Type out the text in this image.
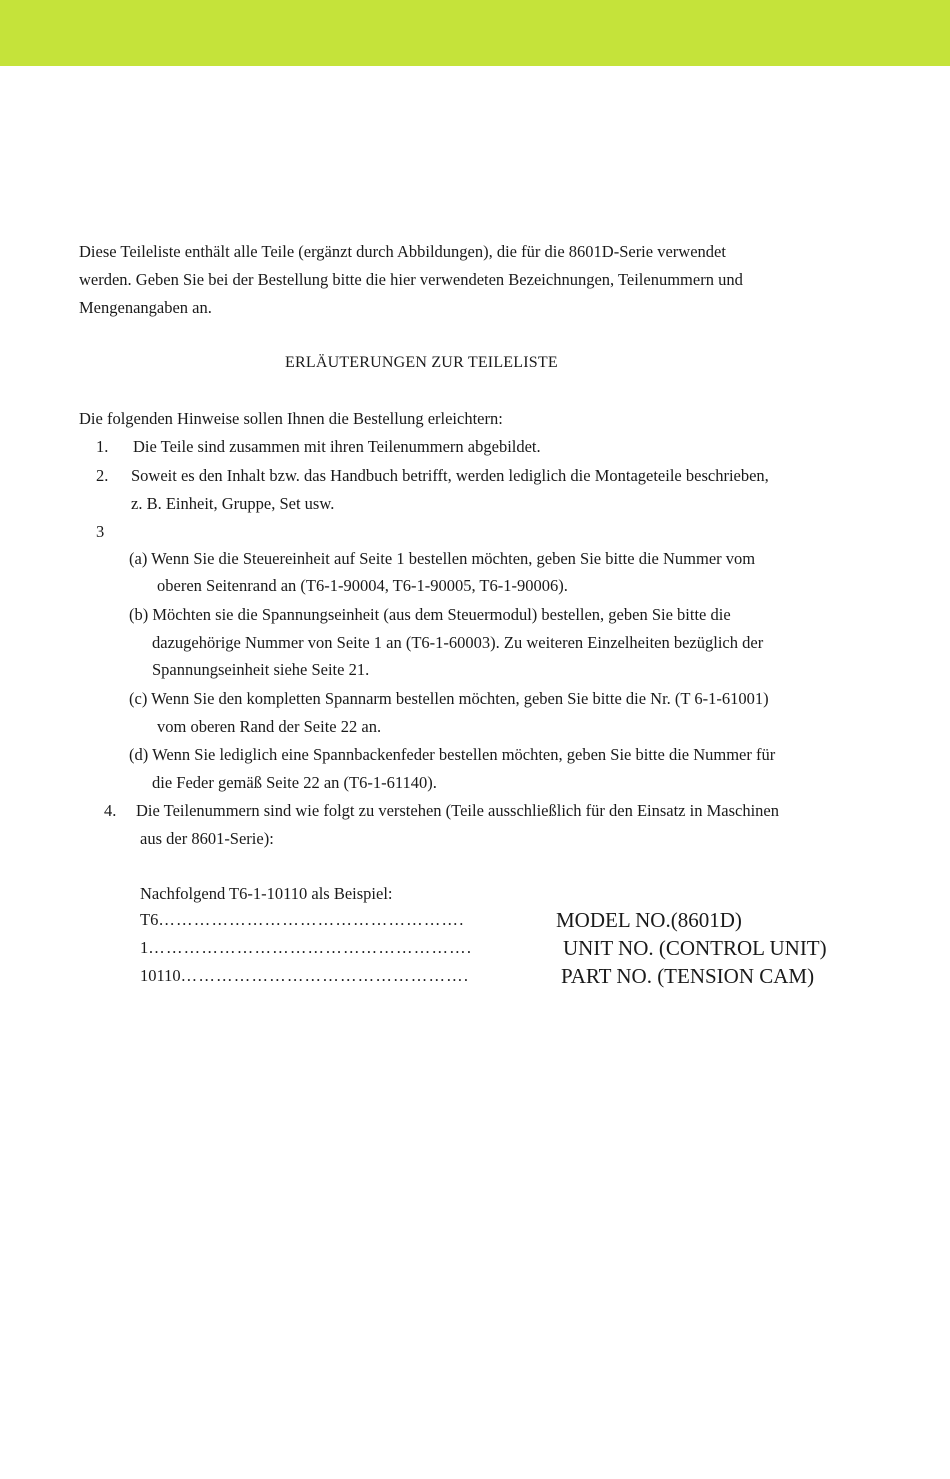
Diese Teileliste enthält alle Teile (ergänzt durch Abbildungen), die für die 8601D-Serie verwendet
werden. Geben Sie bei der Bestellung bitte die hier verwendeten Bezeichnungen, Teilenummern und
Mengenangaben an.
ERLÄUTERUNGEN ZUR TEILELISTE
Die folgenden Hinweise sollen Ihnen die Bestellung erleichtern:
1. Die Teile sind zusammen mit ihren Teilenummern abgebildet.
2. Soweit es den Inhalt bzw. das Handbuch betrifft, werden lediglich die Montageteile beschrieben,
z. B. Einheit, Gruppe, Set usw.
3
(a) Wenn Sie die Steuereinheit auf Seite 1 bestellen möchten, geben Sie bitte die Nummer vom
oberen Seitenrand an (T6-1-90004, T6-1-90005, T6-1-90006).
(b) Möchten sie die Spannungseinheit (aus dem Steuermodul) bestellen, geben Sie bitte die
dazugehörige Nummer von Seite 1 an (T6-1-60003). Zu weiteren Einzelheiten bezüglich der
Spannungseinheit siehe Seite 21.
(c) Wenn Sie den kompletten Spannarm bestellen möchten, geben Sie bitte die Nr. (T 6-1-61001)
vom oberen Rand der Seite 22 an.
(d) Wenn Sie lediglich eine Spannbackenfeder bestellen möchten, geben Sie bitte die Nummer für
die Feder gemäß Seite 22 an (T6-1-61140).
4. Die Teilenummern sind wie folgt zu verstehen (Teile ausschließlich für den Einsatz in Maschinen
aus der 8601-Serie):
Nachfolgend T6-1-10110 als Beispiel:
T6…………………………………………….	MODEL NO.(8601D)
1……………………………………………….	UNIT NO. (CONTROL UNIT)
10110………………………………………….	PART NO. (TENSION CAM)
